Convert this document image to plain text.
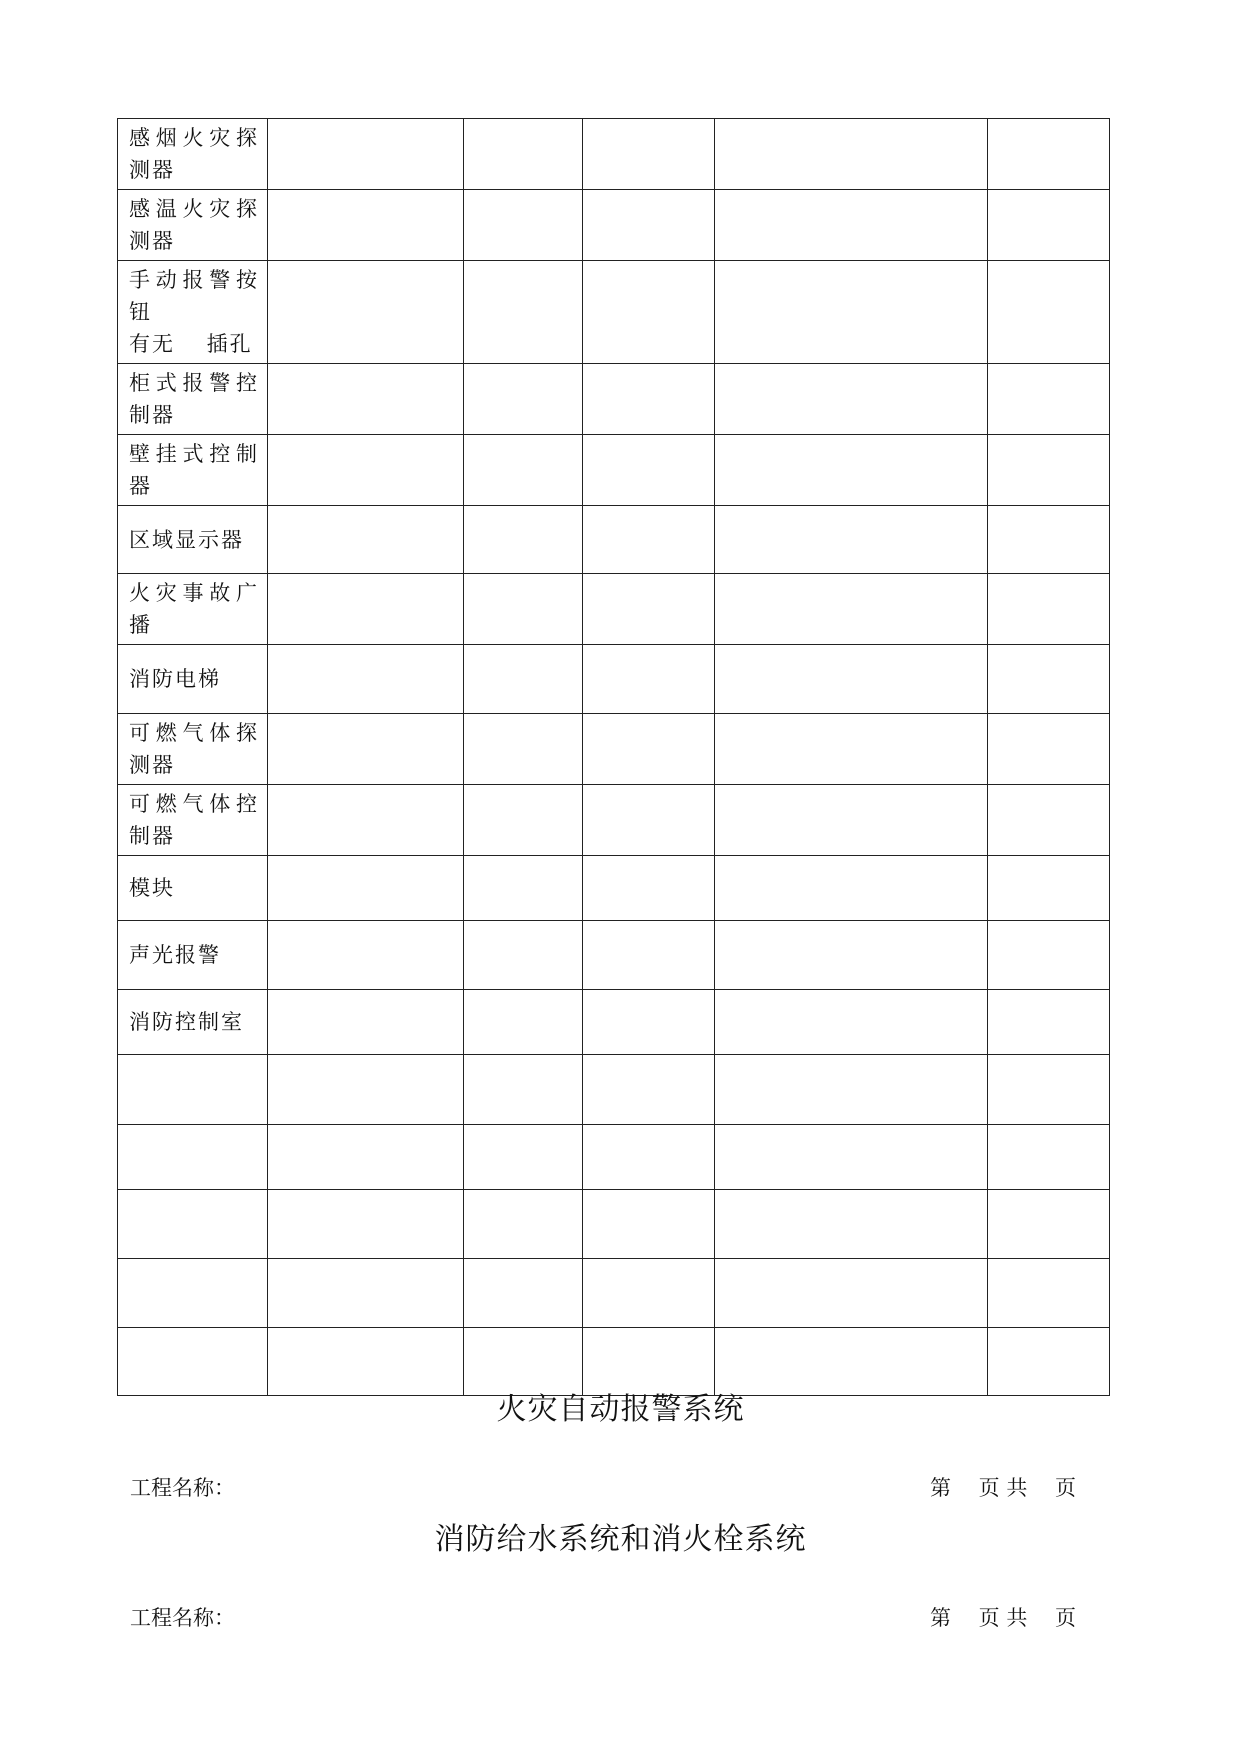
感烟火灾探测器					
感温火灾探测器					
手动报警按钮
有无　 插孔					
柜式报警控制器					
壁挂式控制器					
区域显示器					
火灾事故广播					
消防电梯					
可燃气体探测器					
可燃气体控制器					
模块					
声光报警					
消防控制室					

火灾自动报警系统
工程名称：	第　 页 共　 页
消防给水系统和消火栓系统
工程名称：	第　 页 共　 页
